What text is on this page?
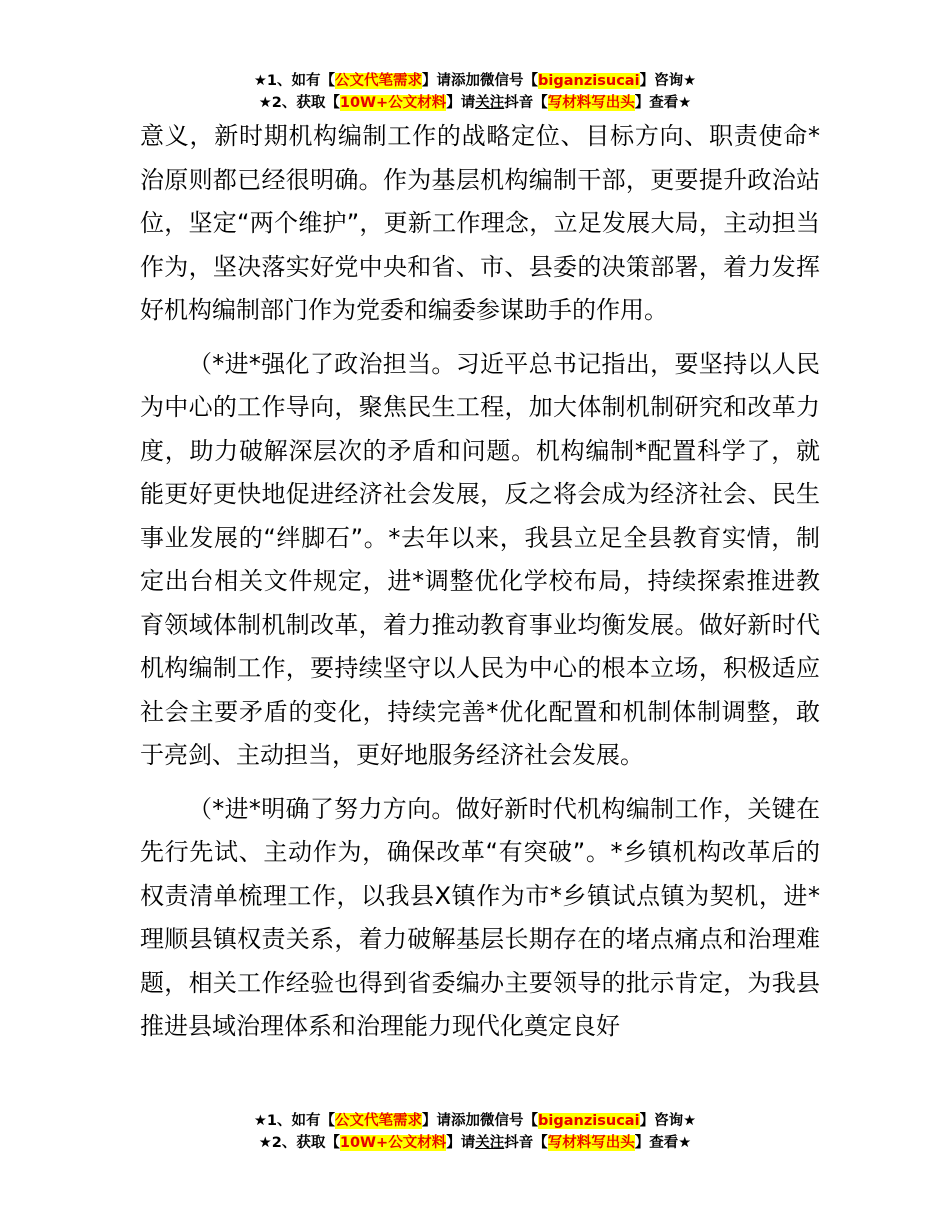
★1、如有【公文代笔需求】请添加微信号【biganzisucai】咨询★
★2、获取【10W+公文材料】请关注抖音【写材料写出头】查看★

意义，新时期机构编制工作的战略定位、目标方向、职责使命*治原则都已经很明确。作为基层机构编制干部，更要提升政治站位，坚定“两个维护”，更新工作理念，立足发展大局，主动担当作为，坚决落实好党中央和省、市、县委的决策部署，着力发挥好机构编制部门作为党委和编委参谋助手的作用。

（*进*强化了政治担当。习近平总书记指出，要坚持以人民为中心的工作导向，聚焦民生工程，加大体制机制研究和改革力度，助力破解深层次的矛盾和问题。机构编制*配置科学了，就能更好更快地促进经济社会发展，反之将会成为经济社会、民生事业发展的“绊脚石”。*去年以来，我县立足全县教育实情，制定出台相关文件规定，进*调整优化学校布局，持续探索推进教育领域体制机制改革，着力推动教育事业均衡发展。做好新时代机构编制工作，要持续坚守以人民为中心的根本立场，积极适应社会主要矛盾的变化，持续完善*优化配置和机制体制调整，敢于亮剑、主动担当，更好地服务经济社会发展。

（*进*明确了努力方向。做好新时代机构编制工作，关键在先行先试、主动作为，确保改革“有突破”。*乡镇机构改革后的权责清单梳理工作，以我县X镇作为市*乡镇试点镇为契机，进*理顺县镇权责关系，着力破解基层长期存在的堵点痛点和治理难题，相关工作经验也得到省委编办主要领导的批示肯定，为我县推进县域治理体系和治理能力现代化奠定良好

★1、如有【公文代笔需求】请添加微信号【biganzisucai】咨询★
★2、获取【10W+公文材料】请关注抖音【写材料写出头】查看★
